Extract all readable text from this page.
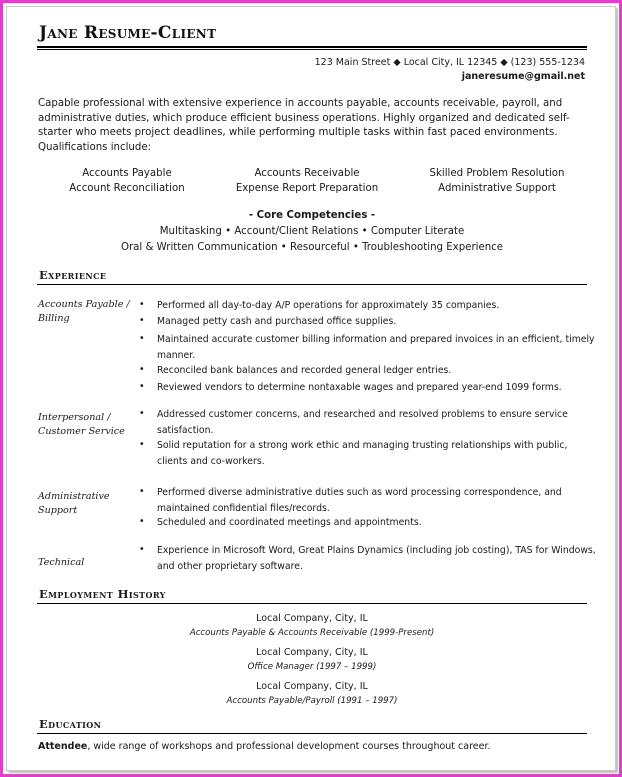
Jane Resume-Client
123 Main Street ◆ Local City, IL 12345 ◆ (123) 555-1234
janeresume@gmail.net
Capable professional with extensive experience in accounts payable, accounts receivable, payroll, and administrative duties, which produce efficient business operations. Highly organized and dedicated self-starter who meets project deadlines, while performing multiple tasks within fast paced environments. Qualifications include:
Accounts Payable	Accounts Receivable	Skilled Problem Resolution
Account Reconciliation	Expense Report Preparation	Administrative Support
- Core Competencies -
Multitasking • Account/Client Relations • Computer Literate
Oral & Written Communication • Resourceful • Troubleshooting Experience
Experience
Accounts Payable / Billing
• Performed all day-to-day A/P operations for approximately 35 companies.
• Managed petty cash and purchased office supplies.
• Maintained accurate customer billing information and prepared invoices in an efficient, timely manner.
• Reconciled bank balances and recorded general ledger entries.
• Reviewed vendors to determine nontaxable wages and prepared year-end 1099 forms.
Interpersonal / Customer Service
• Addressed customer concerns, and researched and resolved problems to ensure service satisfaction.
• Solid reputation for a strong work ethic and managing trusting relationships with public, clients and co-workers.
Administrative Support
• Performed diverse administrative duties such as word processing correspondence, and maintained confidential files/records.
• Scheduled and coordinated meetings and appointments.
Technical
• Experience in Microsoft Word, Great Plains Dynamics (including job costing), TAS for Windows, and other proprietary software.
Employment History
Local Company, City, IL
Accounts Payable & Accounts Receivable (1999-Present)
Local Company, City, IL
Office Manager (1997 – 1999)
Local Company, City, IL
Accounts Payable/Payroll (1991 – 1997)
Education
Attendee, wide range of workshops and professional development courses throughout career.
